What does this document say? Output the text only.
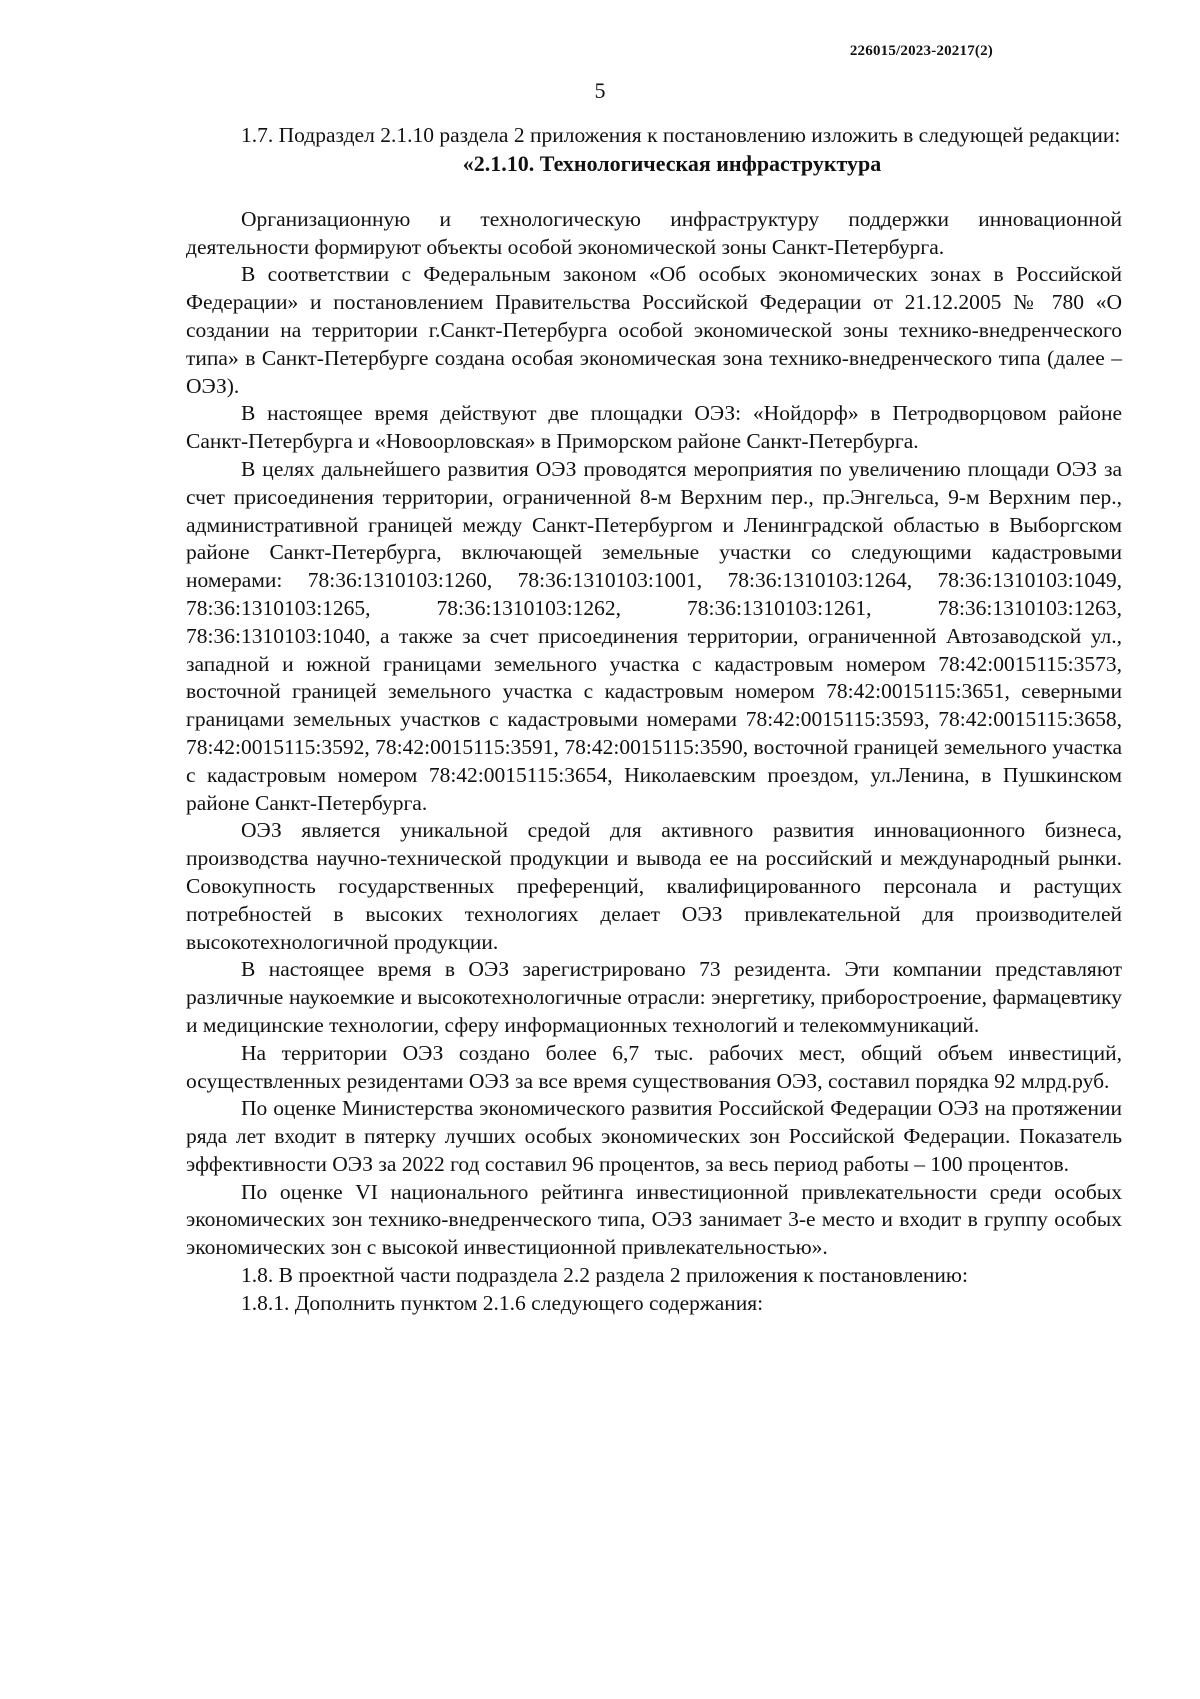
226015/2023-20217(2)
5

1.7. Подраздел 2.1.10 раздела 2 приложения к постановлению изложить в следующей редакции:

«2.1.10. Технологическая инфраструктура

Организационную и технологическую инфраструктуру поддержки инновационной деятельности формируют объекты особой экономической зоны Санкт-Петербурга.

В соответствии с Федеральным законом «Об особых экономических зонах в Российской Федерации» и постановлением Правительства Российской Федерации от 21.12.2005 № 780 «О создании на территории г.Санкт-Петербурга особой экономической зоны технико-внедренческого типа» в Санкт-Петербурге создана особая экономическая зона технико-внедренческого типа (далее – ОЭЗ).

В настоящее время действуют две площадки ОЭЗ: «Нойдорф» в Петродворцовом районе Санкт-Петербурга и «Новоорловская» в Приморском районе Санкт-Петербурга.

В целях дальнейшего развития ОЭЗ проводятся мероприятия по увеличению площади ОЭЗ за счет присоединения территории, ограниченной 8-м Верхним пер., пр.Энгельса, 9-м Верхним пер., административной границей между Санкт-Петербургом и Ленинградской областью в Выборгском районе Санкт-Петербурга, включающей земельные участки со следующими кадастровыми номерами: 78:36:1310103:1260, 78:36:1310103:1001, 78:36:1310103:1264, 78:36:1310103:1049, 78:36:1310103:1265, 78:36:1310103:1262, 78:36:1310103:1261, 78:36:1310103:1263, 78:36:1310103:1040, а также за счет присоединения территории, ограниченной Автозаводской ул., западной и южной границами земельного участка с кадастровым номером 78:42:0015115:3573, восточной границей земельного участка с кадастровым номером 78:42:0015115:3651, северными границами земельных участков с кадастровыми номерами 78:42:0015115:3593, 78:42:0015115:3658, 78:42:0015115:3592, 78:42:0015115:3591, 78:42:0015115:3590, восточной границей земельного участка с кадастровым номером 78:42:0015115:3654, Николаевским проездом, ул.Ленина, в Пушкинском районе Санкт-Петербурга.

ОЭЗ является уникальной средой для активного развития инновационного бизнеса, производства научно-технической продукции и вывода ее на российский и международный рынки. Совокупность государственных преференций, квалифицированного персонала и растущих потребностей в высоких технологиях делает ОЭЗ привлекательной для производителей высокотехнологичной продукции.

В настоящее время в ОЭЗ зарегистрировано 73 резидента. Эти компании представляют различные наукоемкие и высокотехнологичные отрасли: энергетику, приборостроение, фармацевтику и медицинские технологии, сферу информационных технологий и телекоммуникаций.

На территории ОЭЗ создано более 6,7 тыс. рабочих мест, общий объем инвестиций, осуществленных резидентами ОЭЗ за все время существования ОЭЗ, составил порядка 92 млрд.руб.

По оценке Министерства экономического развития Российской Федерации ОЭЗ на протяжении ряда лет входит в пятерку лучших особых экономических зон Российской Федерации. Показатель эффективности ОЭЗ за 2022 год составил 96 процентов, за весь период работы – 100 процентов.

По оценке VI национального рейтинга инвестиционной привлекательности среди особых экономических зон технико-внедренческого типа, ОЭЗ занимает 3-е место и входит в группу особых экономических зон с высокой инвестиционной привлекательностью».

1.8. В проектной части подраздела 2.2 раздела 2 приложения к постановлению:

1.8.1. Дополнить пунктом 2.1.6 следующего содержания:
